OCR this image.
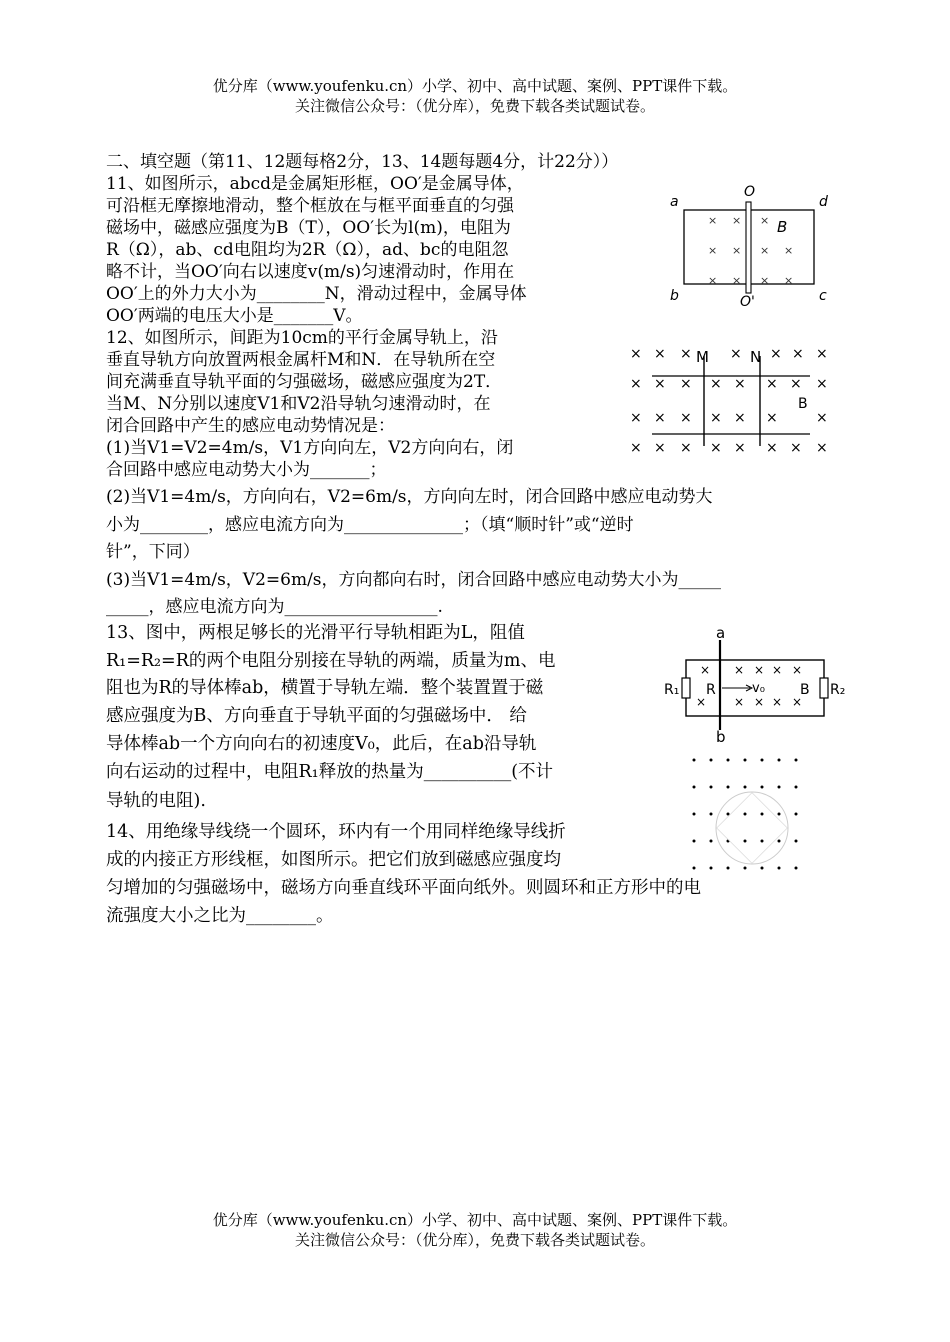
优分库（www.youfenku.cn）小学、初中、高中试题、案例、PPT课件下载。
关注微信公众号：（优分库），免费下载各类试题试卷。
二、填空题（第11、12题每格2分，13、14题每题4分，计22分））
11、如图所示，abcd是金属矩形框，OO′是金属导体，
可沿框无摩擦地滑动，整个框放在与框平面垂直的匀强
磁场中，磁感应强度为B（T），OO′长为l(m)，电阻为
R（Ω），ab、cd电阻均为2R（Ω），ad、bc的电阻忽
略不计，当OO′向右以速度v(m/s)匀速滑动时，作用在
OO′上的外力大小为________N，滑动过程中，金属导体
OO′两端的电压大小是_______V。
a
b	c
d
O
O'
B
× × ×
× × × ×
× × × ×
12、如图所示，间距为10cm的平行金属导轨上，沿
垂直导轨方向放置两根金属杆M和N．在导轨所在空
间充满垂直导轨平面的匀强磁场，磁感应强度为2T．
当M、N分别以速度V1和V2沿导轨匀速滑动时，在
闭合回路中产生的感应电动势情况是：
(1)当V1=V2=4m/s，V1方向向左，V2方向向右，闭
合回路中感应电动势大小为_______；
(2)当V1=4m/s，方向向右，V2=6m/s，方向向左时，闭合回路中感应电动势大
小为________，感应电流方向为______________；（填“顺时针”或“逆时
针”，下同）
(3)当V1=4m/s，V2=6m/s，方向都向右时，闭合回路中感应电动势大小为_____
_____，感应电流方向为__________________.
M	N
B
× × ×	× × × ×
× × × × × × × ×
× × × × × ×	×
× × × × × × × ×
13、图中，两根足够长的光滑平行导轨相距为L，阻值
R₁=R₂=R的两个电阻分别接在导轨的两端，质量为m、电
阻也为R的导体棒ab，横置于导轨左端．整个装置置于磁
感应强度为B、方向垂直于导轨平面的匀强磁场中． 给
导体棒ab一个方向向右的初速度V₀，此后，在ab沿导轨
向右运动的过程中，电阻R₁释放的热量为__________(不计
导轨的电阻).
a
b
R₁ R	v₀	B R₂
× × × × ×
× × × × ×
14、用绝缘导线绕一个圆环，环内有一个用同样绝缘导线折
成的内接正方形线框，如图所示。把它们放到磁感应强度均
匀增加的匀强磁场中，磁场方向垂直线环平面向纸外。则圆环和正方形中的电
流强度大小之比为________。
优分库（www.youfenku.cn）小学、初中、高中试题、案例、PPT课件下载。
关注微信公众号：（优分库），免费下载各类试题试卷。
